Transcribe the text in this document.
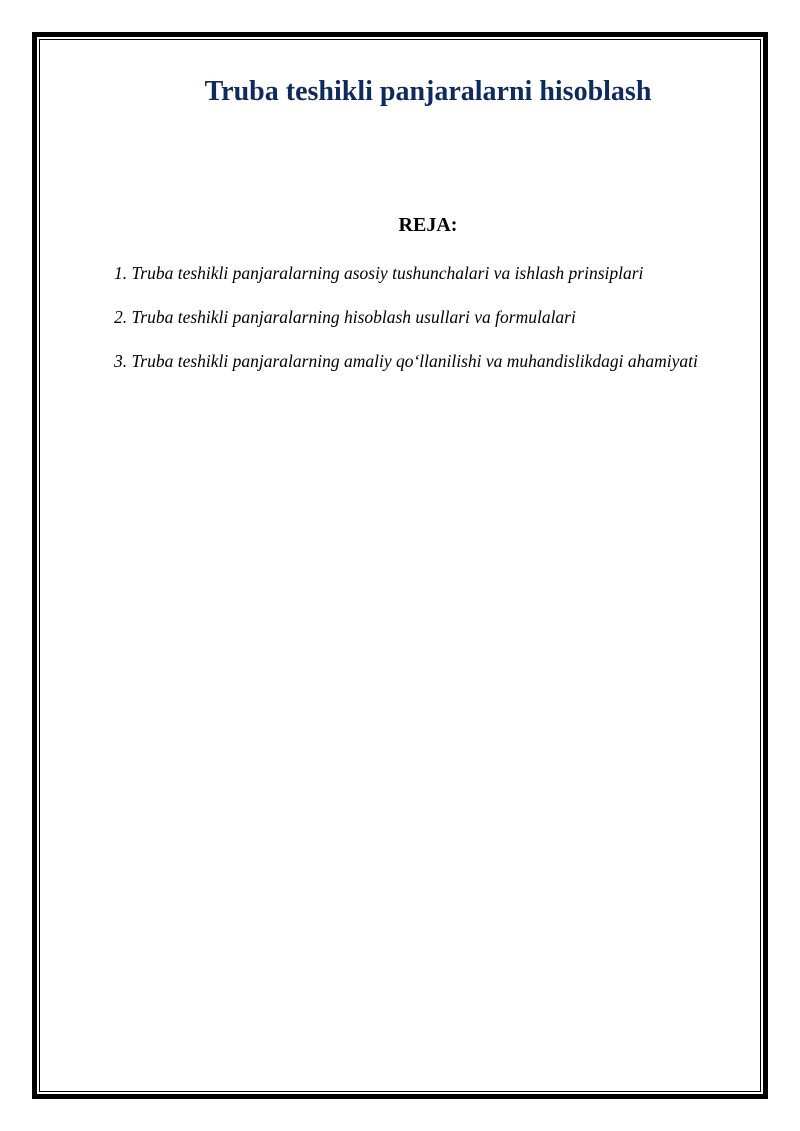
Truba teshikli panjaralarni hisoblash
REJA:
1. Truba teshikli panjaralarning asosiy tushunchalari va ishlash prinsiplari
2. Truba teshikli panjaralarning hisoblash usullari va formulalari
3. Truba teshikli panjaralarning amaliy qo‘llanilishi va muhandislikdagi ahamiyati
